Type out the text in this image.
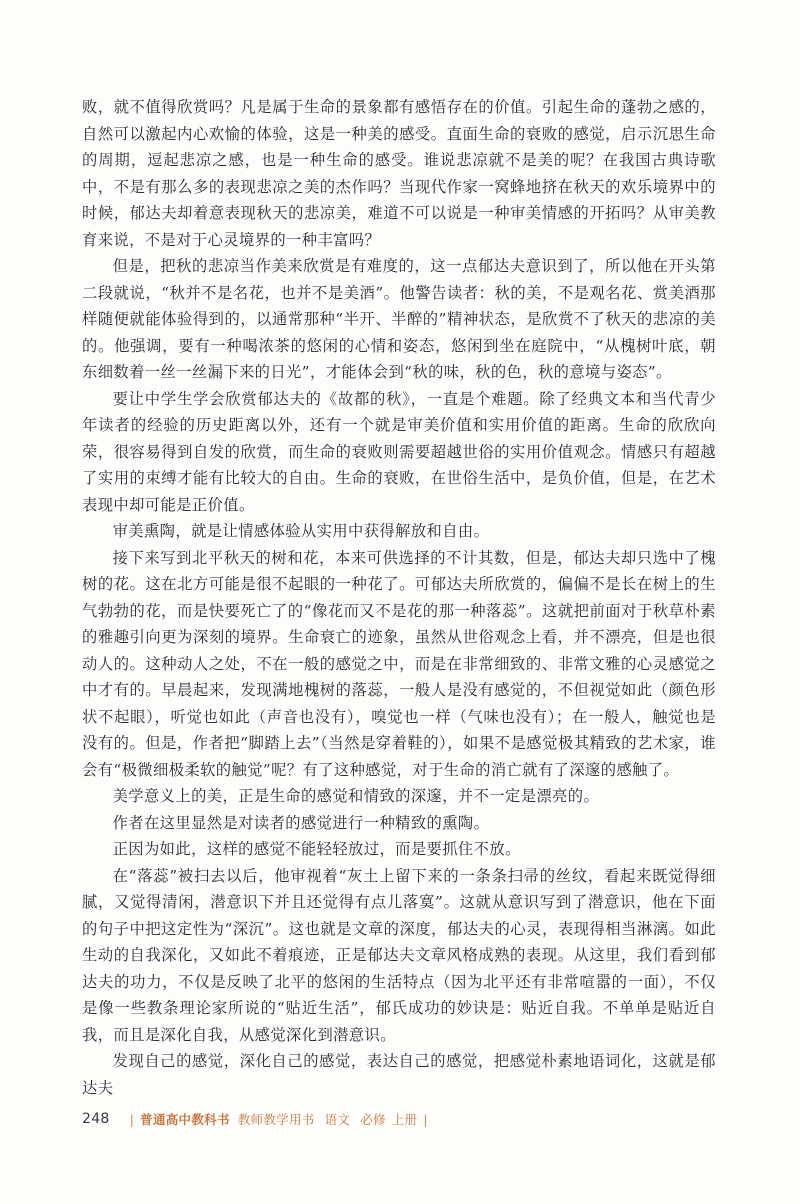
败，就不值得欣赏吗？凡是属于生命的景象都有感悟存在的价值。引起生命的蓬勃之感的，自然可以激起内心欢愉的体验，这是一种美的感受。直面生命的衰败的感觉，启示沉思生命的周期，逗起悲凉之感，也是一种生命的感受。谁说悲凉就不是美的呢？在我国古典诗歌中，不是有那么多的表现悲凉之美的杰作吗？当现代作家一窝蜂地挤在秋天的欢乐境界中的时候，郁达夫却着意表现秋天的悲凉美，难道不可以说是一种审美情感的开拓吗？从审美教育来说，不是对于心灵境界的一种丰富吗？

但是，把秋的悲凉当作美来欣赏是有难度的，这一点郁达夫意识到了，所以他在开头第二段就说，“秋并不是名花，也并不是美酒”。他警告读者：秋的美，不是观名花、赏美酒那样随便就能体验得到的，以通常那种“半开、半醉的”精神状态，是欣赏不了秋天的悲凉的美的。他强调，要有一种喝浓茶的悠闲的心情和姿态，悠闲到坐在庭院中，“从槐树叶底，朝东细数着一丝一丝漏下来的日光”，才能体会到“秋的味，秋的色，秋的意境与姿态”。

要让中学生学会欣赏郁达夫的《故都的秋》，一直是个难题。除了经典文本和当代青少年读者的经验的历史距离以外，还有一个就是审美价值和实用价值的距离。生命的欣欣向荣，很容易得到自发的欣赏，而生命的衰败则需要超越世俗的实用价值观念。情感只有超越了实用的束缚才能有比较大的自由。生命的衰败，在世俗生活中，是负价值，但是，在艺术表现中却可能是正价值。

审美熏陶，就是让情感体验从实用中获得解放和自由。

接下来写到北平秋天的树和花，本来可供选择的不计其数，但是，郁达夫却只选中了槐树的花。这在北方可能是很不起眼的一种花了。可郁达夫所欣赏的，偏偏不是长在树上的生气勃勃的花，而是快要死亡了的“像花而又不是花的那一种落蕊”。这就把前面对于秋草朴素的雅趣引向更为深刻的境界。生命衰亡的迹象，虽然从世俗观念上看，并不漂亮，但是也很动人的。这种动人之处，不在一般的感觉之中，而是在非常细致的、非常文雅的心灵感觉之中才有的。早晨起来，发现满地槐树的落蕊，一般人是没有感觉的，不但视觉如此（颜色形状不起眼），听觉也如此（声音也没有），嗅觉也一样（气味也没有）；在一般人，触觉也是没有的。但是，作者把“脚踏上去”（当然是穿着鞋的），如果不是感觉极其精致的艺术家，谁会有“极微细极柔软的触觉”呢？有了这种感觉，对于生命的消亡就有了深邃的感触了。

美学意义上的美，正是生命的感觉和情致的深邃，并不一定是漂亮的。

作者在这里显然是对读者的感觉进行一种精致的熏陶。

正因为如此，这样的感觉不能轻轻放过，而是要抓住不放。

在“落蕊”被扫去以后，他审视着“灰土上留下来的一条条扫帚的丝纹，看起来既觉得细腻，又觉得清闲，潜意识下并且还觉得有点儿落寞”。这就从意识写到了潜意识，他在下面的句子中把这定性为“深沉”。这也就是文章的深度，郁达夫的心灵，表现得相当淋漓。如此生动的自我深化，又如此不着痕迹，正是郁达夫文章风格成熟的表现。从这里，我们看到郁达夫的功力，不仅是反映了北平的悠闲的生活特点（因为北平还有非常喧嚣的一面），不仅是像一些教条理论家所说的“贴近生活”，郁氏成功的妙诀是：贴近自我。不单单是贴近自我，而且是深化自我，从感觉深化到潜意识。

发现自己的感觉，深化自己的感觉，表达自己的感觉，把感觉朴素地语词化，这就是郁达夫

248 | 普通高中教科书 教师教学用书 语文 必修 上册 |
